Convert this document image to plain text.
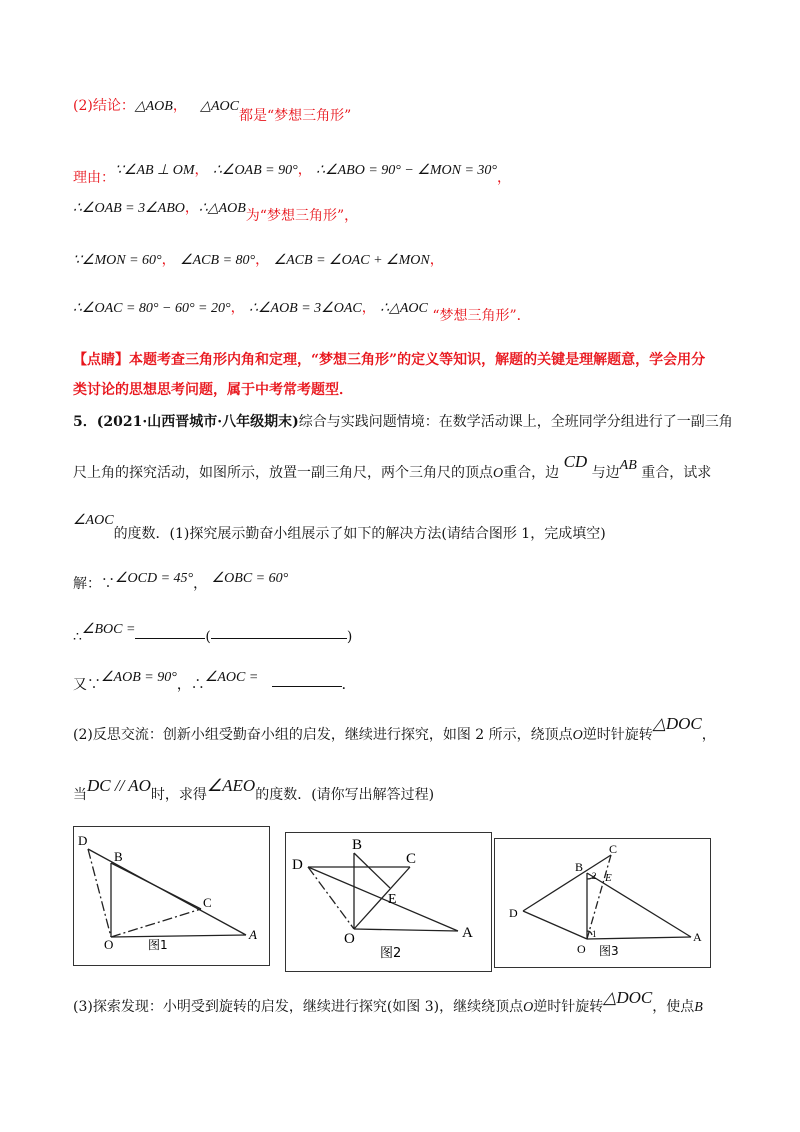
(2)结论：△AOB， △AOC都是“梦想三角形”
理由：∵∠AB ⊥ OM， ∴∠OAB = 90°， ∴∠ABO = 90° − ∠MON = 30°，
∴∠OAB = 3∠ABO，∴△AOB为“梦想三角形”，
∵∠MON = 60°， ∠ACB = 80°， ∠ACB = ∠OAC + ∠MON，
∴∠OAC = 80° − 60° = 20°， ∴∠AOB = 3∠OAC， ∴△AOC “梦想三角形”．
【点睛】本题考查三角形内角和定理，“梦想三角形”的定义等知识，解题的关键是理解题意，学会用分
类讨论的思想思考问题，属于中考常考题型．
5．(2021·山西晋城市·八年级期末)综合与实践问题情境：在数学活动课上，全班同学分组进行了一副三角
尺上角的探究活动，如图所示，放置一副三角尺，两个三角尺的顶点O重合，边 CD 与边AB 重合，试求
∠AOC的度数．(1)探究展示勤奋小组展示了如下的解决方法(请结合图形 1，完成填空)
解：∵∠OCD = 45°， ∠OBC = 60°
∴∠BOC =	(	)
又∵∠AOB = 90°，∴∠AOC =	．
(2)反思交流：创新小组受勤奋小组的启发，继续进行探究，如图 2 所示，绕顶点O逆时针旋转△DOC，
当DC // AO时，求得∠AEO的度数．(请你写出解答过程)
D
B
C
O
A
图1
D
B
C
E
O	A
图2
B
C
E
D
O
A
1
2
图3
(3)探索发现：小明受到旋转的启发，继续进行探究(如图 3)，继续绕顶点O逆时针旋转△DOC，使点B
